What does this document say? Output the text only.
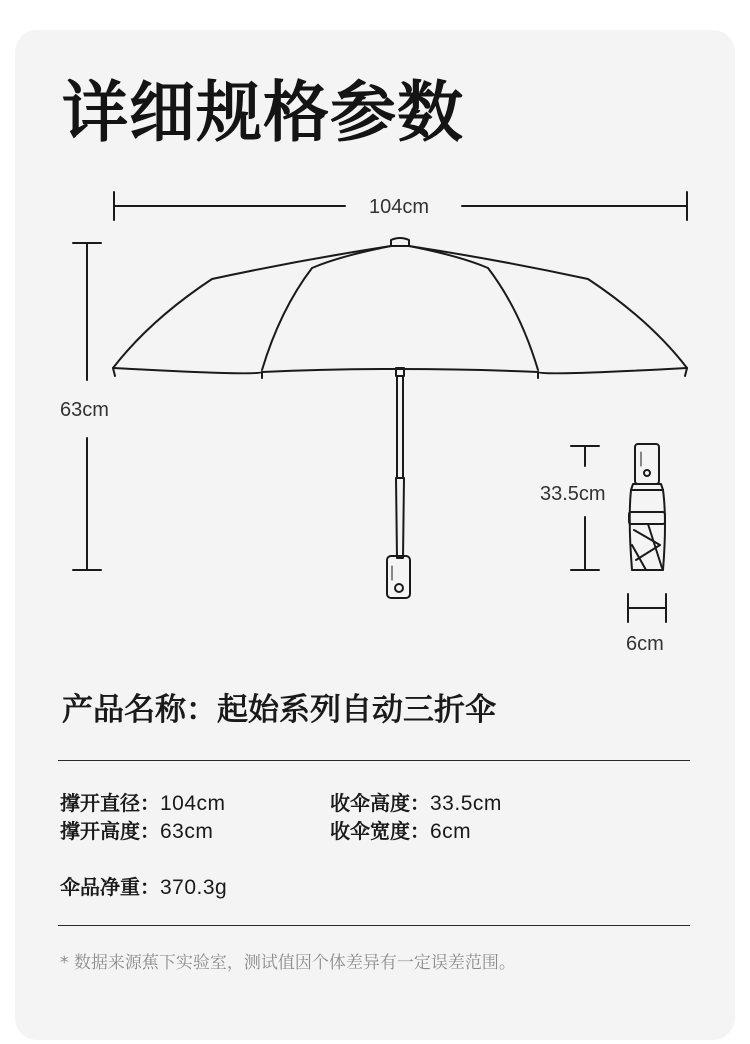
详细规格参数
104cm
63cm
33.5cm
6cm
产品名称：起始系列自动三折伞
撑开直径：104cm	收伞高度：33.5cm
撑开高度：63cm	收伞宽度：6cm
伞品净重：370.3g
* 数据来源蕉下实验室，测试值因个体差异有一定误差范围。
